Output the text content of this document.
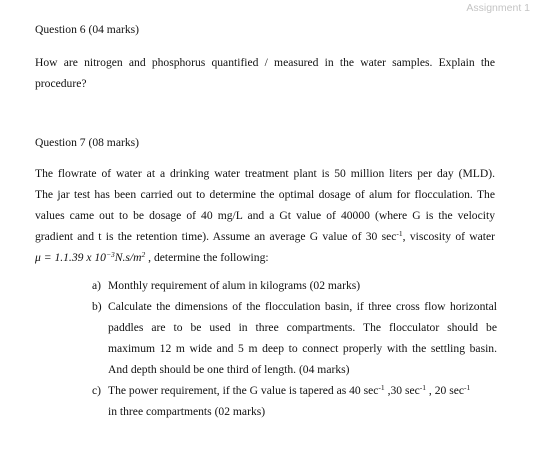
Assignment 1
Question 6 (04 marks)
How are nitrogen and phosphorus quantified / measured in the water samples. Explain the
procedure?
Question 7 (08 marks)
The flowrate of water at a drinking water treatment plant is 50 million liters per day (MLD).
The jar test has been carried out to determine the optimal dosage of alum for flocculation. The
values came out to be dosage of 40 mg/L and a Gt value of 40000 (where G is the velocity
gradient and t is the retention time). Assume an average G value of 30 $\sec^{-1}$, viscosity of water
μ = 1.1.39 x $10^{-3}N.s/m^2$ , determine the following:
a) Monthly requirement of alum in kilograms (02 marks)
b) Calculate the dimensions of the flocculation basin, if three cross flow horizontal
paddles are to be used in three compartments. The flocculator should be
maximum 12 m wide and 5 m deep to connect properly with the settling basin.
And depth should be one third of length. (04 marks)
c) The power requirement, if the G value is tapered as 40 $\sec^{-1} ,30$ $\sec^{-1}$ , 20 $\sec^{-1}$
in three compartments (02 marks)
